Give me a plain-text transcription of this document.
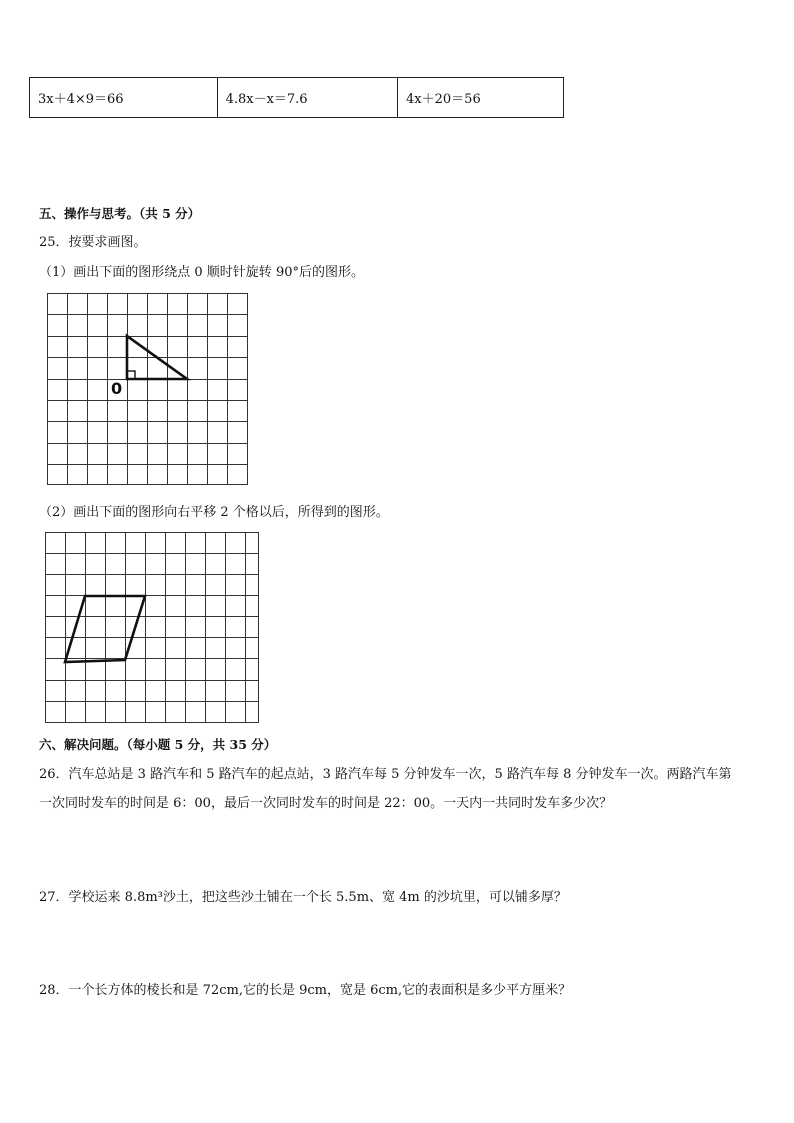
3x＋4×9＝66	4.8x－x＝7.6	4x＋20＝56
五、操作与思考。（共 5 分）
25．按要求画图。
（1）画出下面的图形绕点 0 顺时针旋转 90°后的图形。
0
（2）画出下面的图形向右平移 2 个格以后，所得到的图形。
六、解决问题。（每小题 5 分，共 35 分）
26．汽车总站是 3 路汽车和 5 路汽车的起点站，3 路汽车每 5 分钟发车一次，5 路汽车每 8 分钟发车一次。两路汽车第
一次同时发车的时间是 6：00，最后一次同时发车的时间是 22：00。一天内一共同时发车多少次？
27．学校运来 8.8m³沙土，把这些沙土铺在一个长 5.5m、宽 4m 的沙坑里，可以铺多厚？
28．一个长方体的棱长和是 72cm,它的长是 9cm，宽是 6cm,它的表面积是多少平方厘米？
